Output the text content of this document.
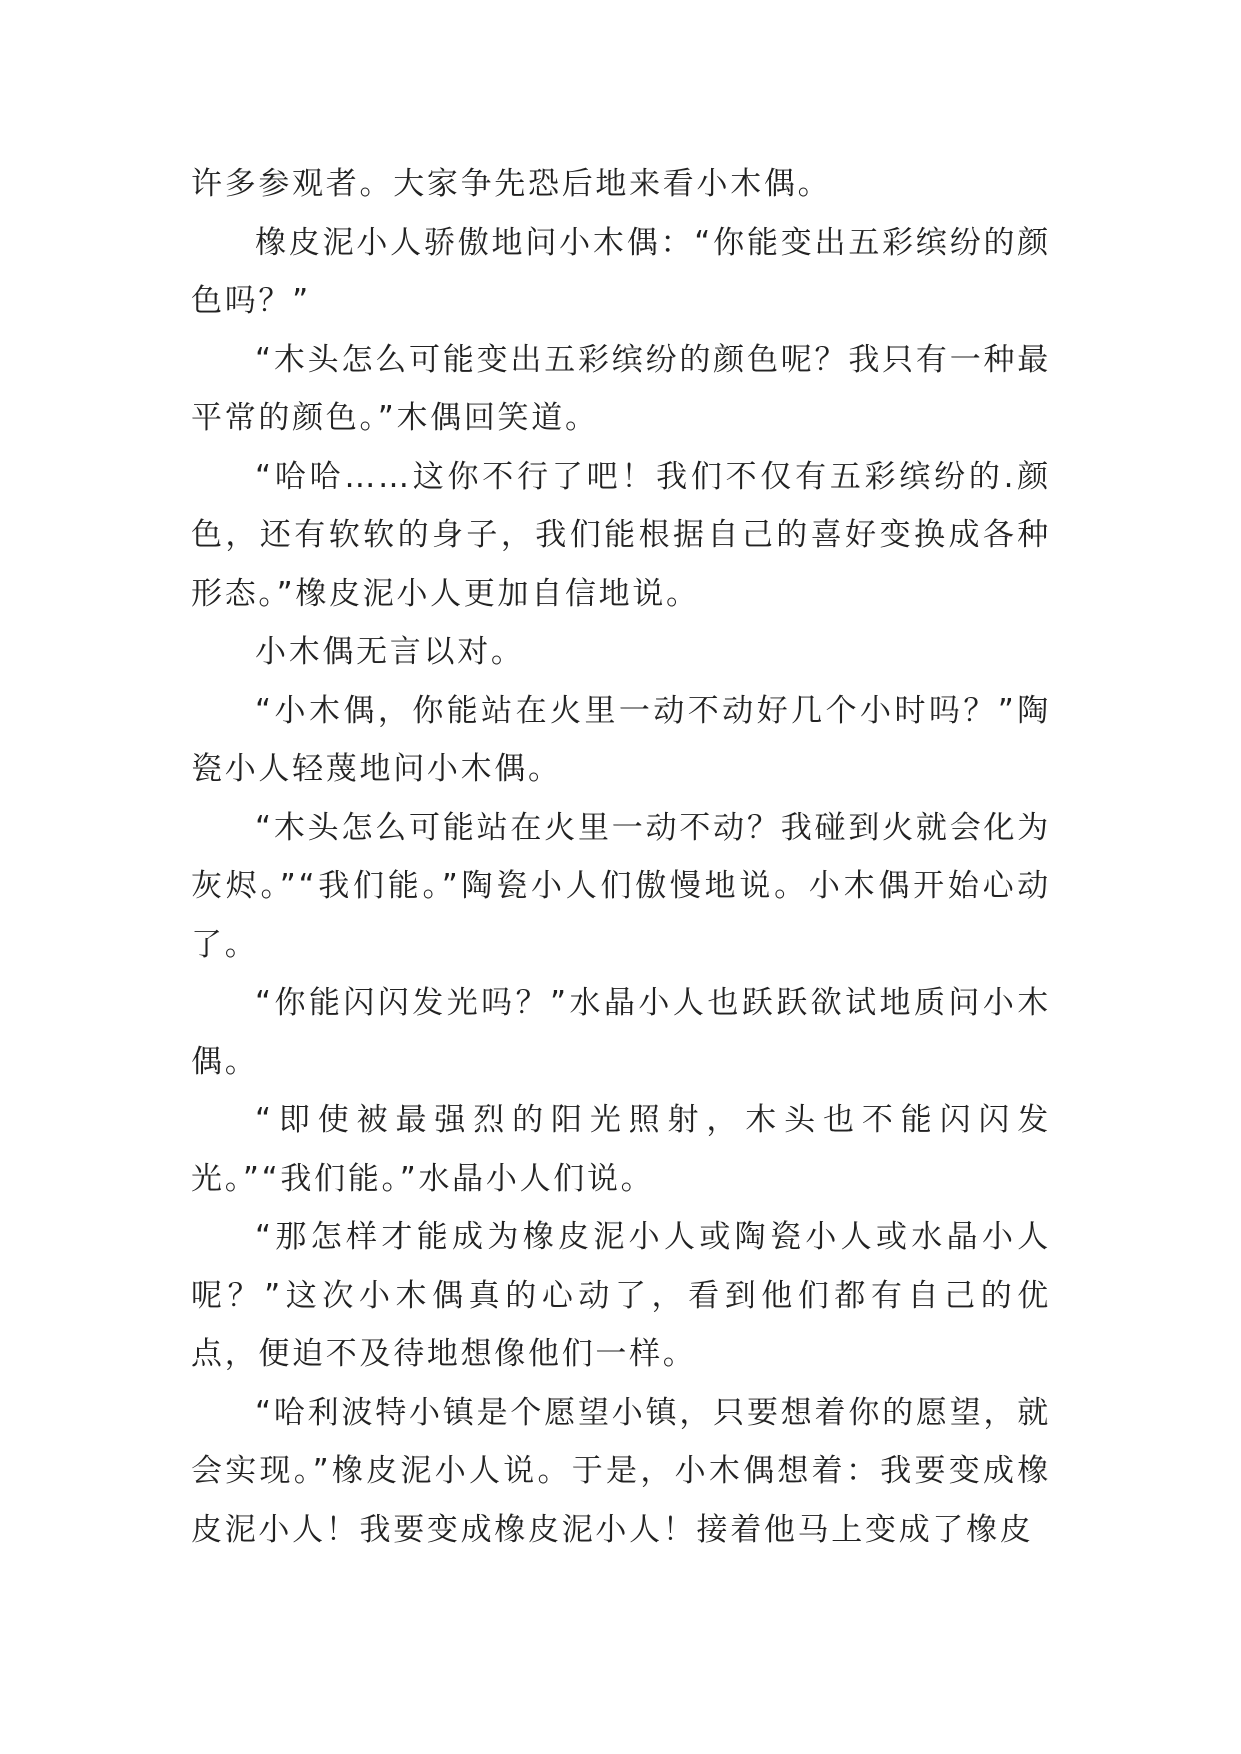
许多参观者。大家争先恐后地来看小木偶。

橡皮泥小人骄傲地问小木偶：“你能变出五彩缤纷的颜色吗？”

“木头怎么可能变出五彩缤纷的颜色呢？我只有一种最平常的颜色。”木偶回笑道。

“哈哈……这你不行了吧！我们不仅有五彩缤纷的.颜色，还有软软的身子，我们能根据自己的喜好变换成各种形态。”橡皮泥小人更加自信地说。

小木偶无言以对。

“小木偶，你能站在火里一动不动好几个小时吗？”陶瓷小人轻蔑地问小木偶。

“木头怎么可能站在火里一动不动？我碰到火就会化为灰烬。”“我们能。”陶瓷小人们傲慢地说。小木偶开始心动了。

“你能闪闪发光吗？”水晶小人也跃跃欲试地质问小木偶。

“即使被最强烈的阳光照射，木头也不能闪闪发光。”“我们能。”水晶小人们说。

“那怎样才能成为橡皮泥小人或陶瓷小人或水晶小人呢？”这次小木偶真的心动了，看到他们都有自己的优点，便迫不及待地想像他们一样。

“哈利波特小镇是个愿望小镇，只要想着你的愿望，就会实现。”橡皮泥小人说。于是，小木偶想着：我要变成橡皮泥小人！我要变成橡皮泥小人！接着他马上变成了橡皮
